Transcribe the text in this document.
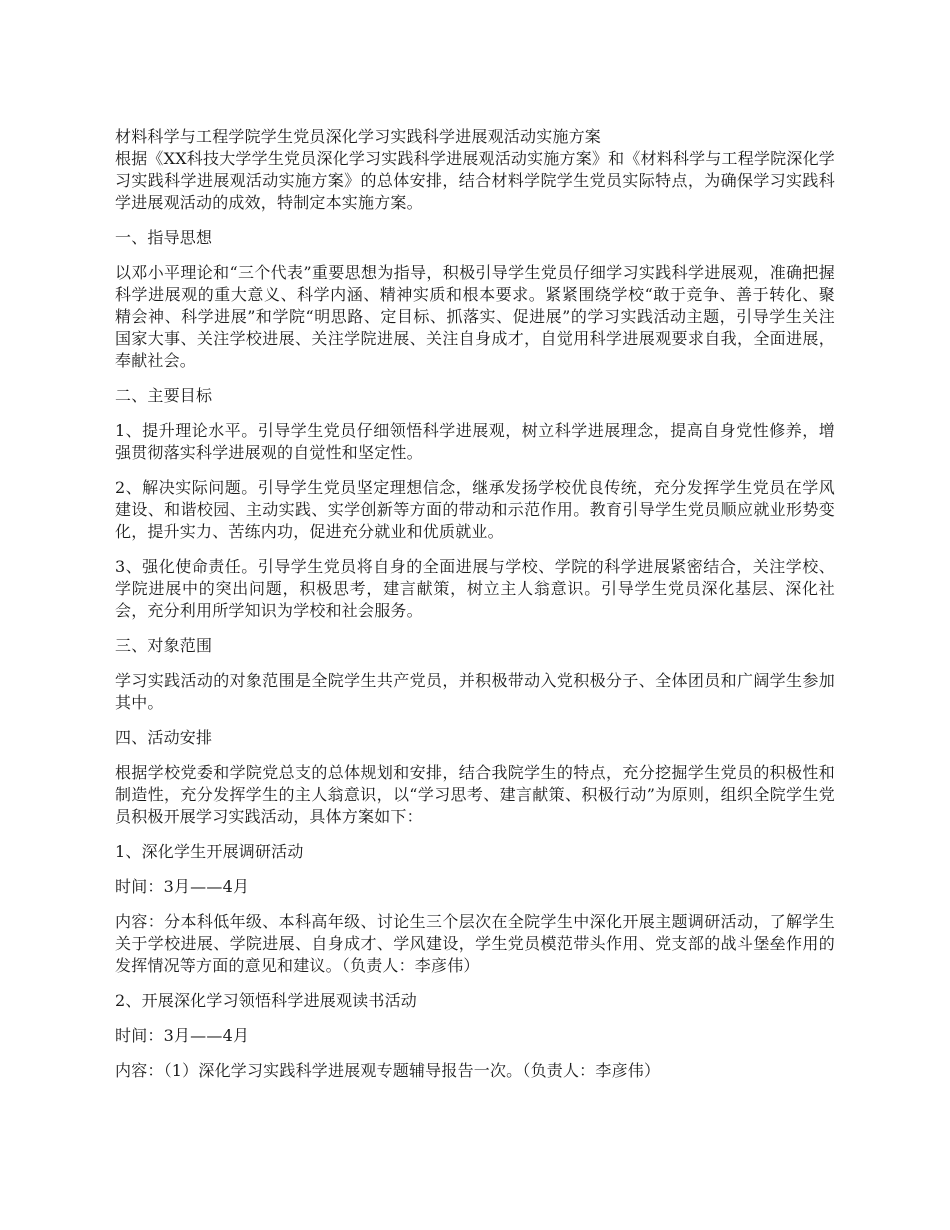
材料科学与工程学院学生党员深化学习实践科学进展观活动实施方案

根据《XX科技大学学生党员深化学习实践科学进展观活动实施方案》和《材料科学与工程学院深化学习实践科学进展观活动实施方案》的总体安排，结合材料学院学生党员实际特点，为确保学习实践科学进展观活动的成效，特制定本实施方案。

一、指导思想

以邓小平理论和“三个代表”重要思想为指导，积极引导学生党员仔细学习实践科学进展观，准确把握科学进展观的重大意义、科学内涵、精神实质和根本要求。紧紧围绕学校“敢于竞争、善于转化、聚精会神、科学进展”和学院“明思路、定目标、抓落实、促进展”的学习实践活动主题，引导学生关注国家大事、关注学校进展、关注学院进展、关注自身成才，自觉用科学进展观要求自我，全面进展，奉献社会。

二、主要目标

1、提升理论水平。引导学生党员仔细领悟科学进展观，树立科学进展理念，提高自身党性修养，增强贯彻落实科学进展观的自觉性和坚定性。

2、解决实际问题。引导学生党员坚定理想信念，继承发扬学校优良传统，充分发挥学生党员在学风建设、和谐校园、主动实践、实学创新等方面的带动和示范作用。教育引导学生党员顺应就业形势变化，提升实力、苦练内功，促进充分就业和优质就业。

3、强化使命责任。引导学生党员将自身的全面进展与学校、学院的科学进展紧密结合，关注学校、学院进展中的突出问题，积极思考，建言献策，树立主人翁意识。引导学生党员深化基层、深化社会，充分利用所学知识为学校和社会服务。

三、对象范围

学习实践活动的对象范围是全院学生共产党员，并积极带动入党积极分子、全体团员和广阔学生参加其中。

四、活动安排

根据学校党委和学院党总支的总体规划和安排，结合我院学生的特点，充分挖掘学生党员的积极性和制造性，充分发挥学生的主人翁意识，以“学习思考、建言献策、积极行动”为原则，组织全院学生党员积极开展学习实践活动，具体方案如下：

1、深化学生开展调研活动

时间：3月——4月

内容：分本科低年级、本科高年级、讨论生三个层次在全院学生中深化开展主题调研活动，了解学生关于学校进展、学院进展、自身成才、学风建设，学生党员模范带头作用、党支部的战斗堡垒作用的发挥情况等方面的意见和建议。（负责人：李彦伟）

2、开展深化学习领悟科学进展观读书活动

时间：3月——4月

内容：（1）深化学习实践科学进展观专题辅导报告一次。（负责人：李彦伟）
